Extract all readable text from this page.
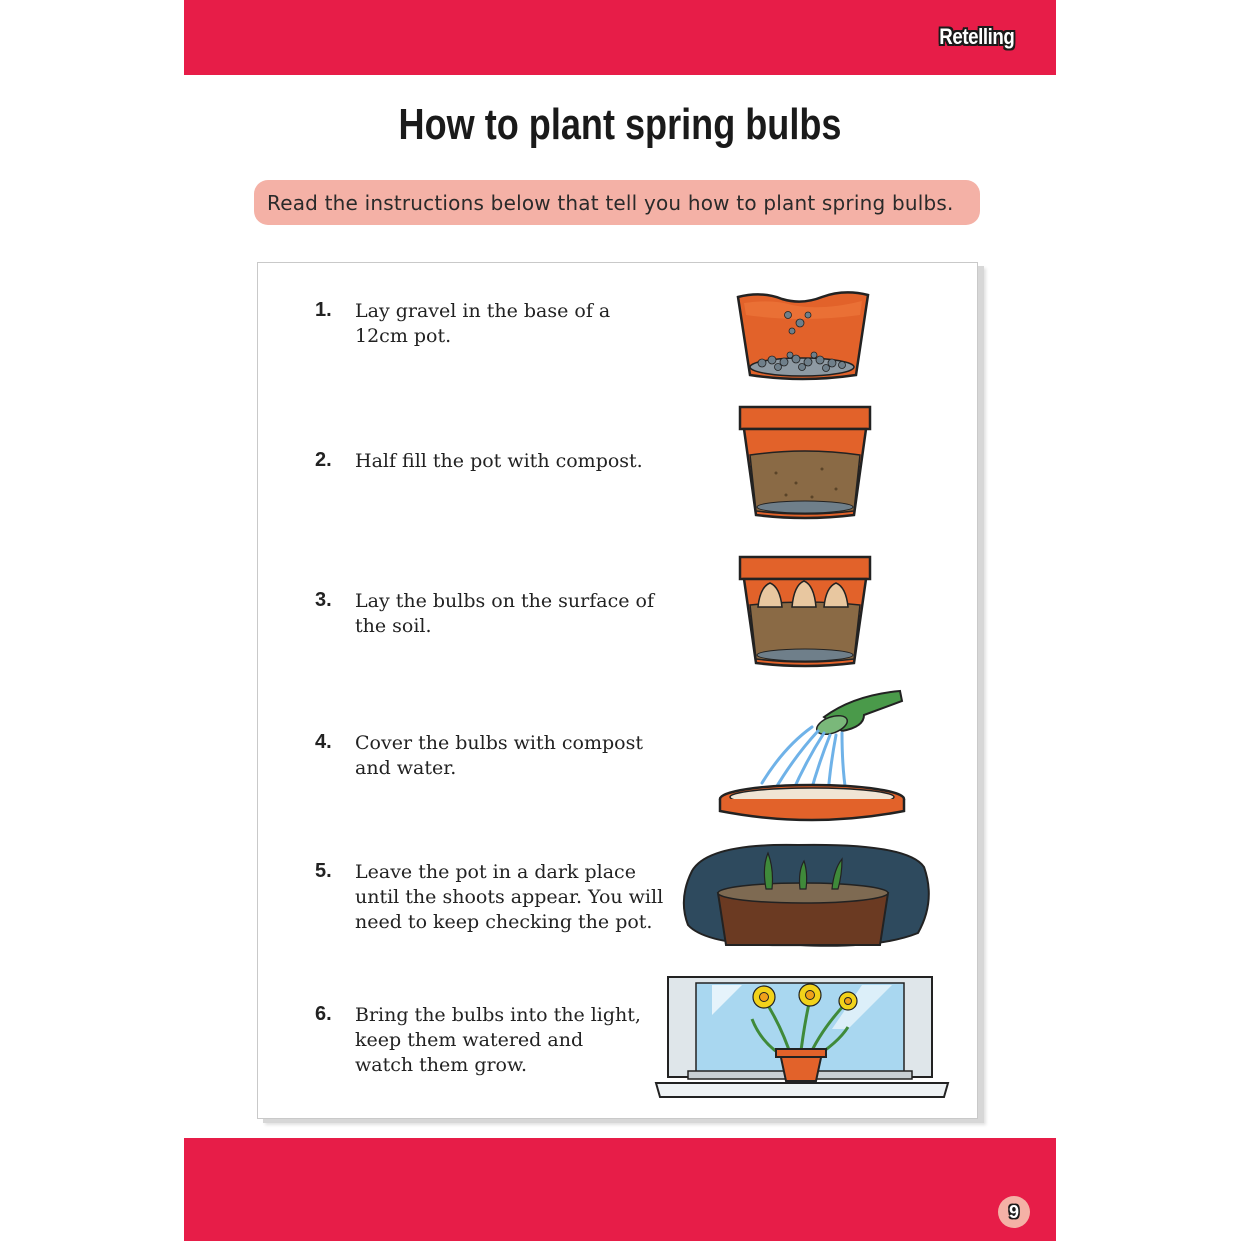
Retelling
How to plant spring bulbs
Read the instructions below that tell you how to plant spring bulbs.
1.	Lay gravel in the base of a 12cm pot.
2.	Half fill the pot with compost.
3.	Lay the bulbs on the surface of the soil.
4.	Cover the bulbs with compost and water.
5.	Leave the pot in a dark place until the shoots appear. You will need to keep checking the pot.
6.	Bring the bulbs into the light, keep them watered and watch them grow.
9
